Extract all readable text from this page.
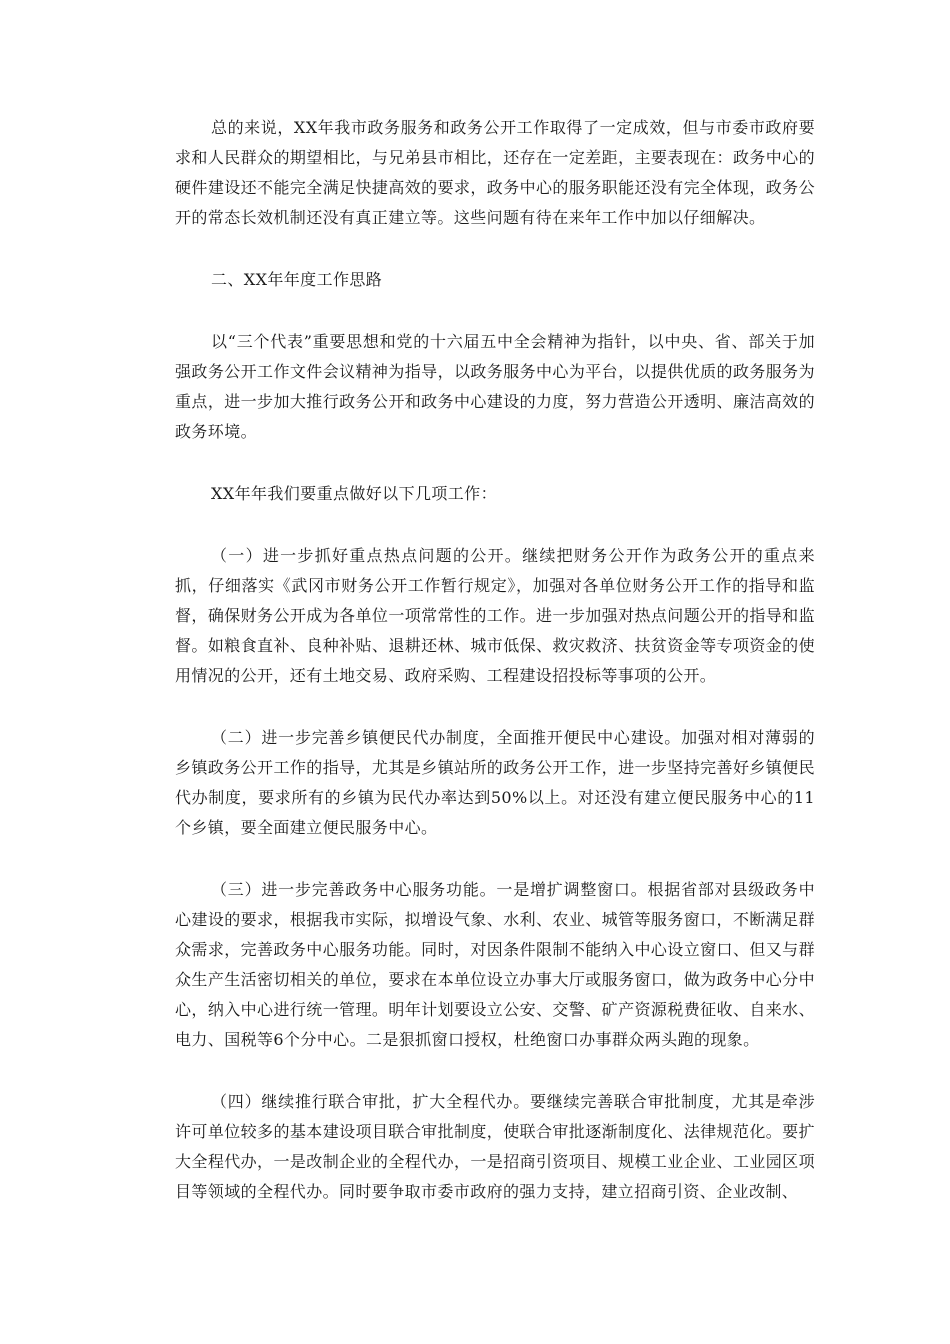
总的来说，XX年我市政务服务和政务公开工作取得了一定成效，但与市委市政府要求和人民群众的期望相比，与兄弟县市相比，还存在一定差距，主要表现在：政务中心的硬件建设还不能完全满足快捷高效的要求，政务中心的服务职能还没有完全体现，政务公开的常态长效机制还没有真正建立等。这些问题有待在来年工作中加以仔细解决。

二、XX年年度工作思路

以“三个代表”重要思想和党的十六届五中全会精神为指针，以中央、省、部关于加强政务公开工作文件会议精神为指导，以政务服务中心为平台，以提供优质的政务服务为重点，进一步加大推行政务公开和政务中心建设的力度，努力营造公开透明、廉洁高效的政务环境。

XX年年我们要重点做好以下几项工作：

（一）进一步抓好重点热点问题的公开。继续把财务公开作为政务公开的重点来抓，仔细落实《武冈市财务公开工作暂行规定》，加强对各单位财务公开工作的指导和监督，确保财务公开成为各单位一项常常性的工作。进一步加强对热点问题公开的指导和监督。如粮食直补、良种补贴、退耕还林、城市低保、救灾救济、扶贫资金等专项资金的使用情况的公开，还有土地交易、政府采购、工程建设招投标等事项的公开。

（二）进一步完善乡镇便民代办制度，全面推开便民中心建设。加强对相对薄弱的乡镇政务公开工作的指导，尤其是乡镇站所的政务公开工作，进一步坚持完善好乡镇便民代办制度，要求所有的乡镇为民代办率达到50%以上。对还没有建立便民服务中心的11个乡镇，要全面建立便民服务中心。

（三）进一步完善政务中心服务功能。一是增扩调整窗口。根据省部对县级政务中心建设的要求，根据我市实际，拟增设气象、水利、农业、城管等服务窗口，不断满足群众需求，完善政务中心服务功能。同时，对因条件限制不能纳入中心设立窗口、但又与群众生产生活密切相关的单位，要求在本单位设立办事大厅或服务窗口，做为政务中心分中心，纳入中心进行统一管理。明年计划要设立公安、交警、矿产资源税费征收、自来水、电力、国税等6个分中心。二是狠抓窗口授权，杜绝窗口办事群众两头跑的现象。

（四）继续推行联合审批，扩大全程代办。要继续完善联合审批制度，尤其是牵涉许可单位较多的基本建设项目联合审批制度，使联合审批逐渐制度化、法律规范化。要扩大全程代办，一是改制企业的全程代办，一是招商引资项目、规模工业企业、工业园区项目等领域的全程代办。同时要争取市委市政府的强力支持，建立招商引资、企业改制、
